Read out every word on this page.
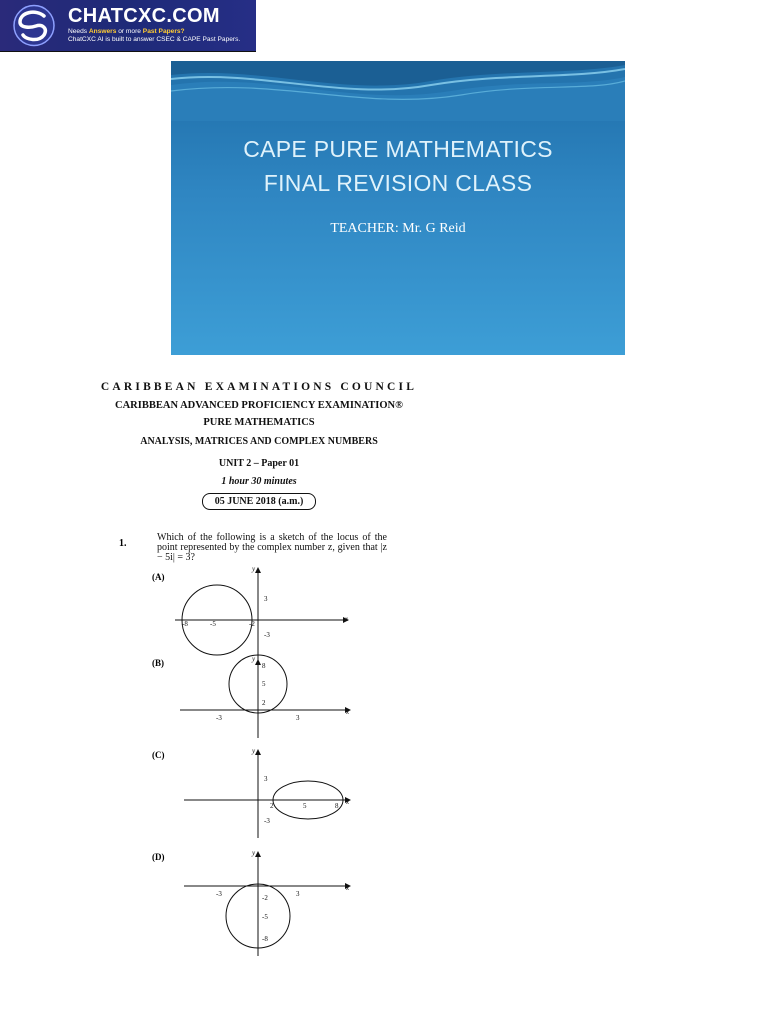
CHATCXC.COM
Needs Answers or more Past Papers?
ChatCXC AI is built to answer CSEC & CAPE Past Papers.
CAPE PURE MATHEMATICS
FINAL REVISION CLASS
TEACHER: Mr. G Reid
CARIBBEAN EXAMINATIONS COUNCIL
CARIBBEAN ADVANCED PROFICIENCY EXAMINATION®
PURE MATHEMATICS
ANALYSIS, MATRICES AND COMPLEX NUMBERS
UNIT 2 – Paper 01
1 hour 30 minutes
05 JUNE 2018 (a.m.)
1.
Which of the following is a sketch of the locus of the point represented by the complex number z, given that |z − 5i| = 3?
(A)
(B)
(C)
(D)
-8	-5	-2
3
-3
x
y
8
5
2
-3	3
x
y
3
-3
2	5	8 x
y
-3	3
-2
-5
-8
x
y
